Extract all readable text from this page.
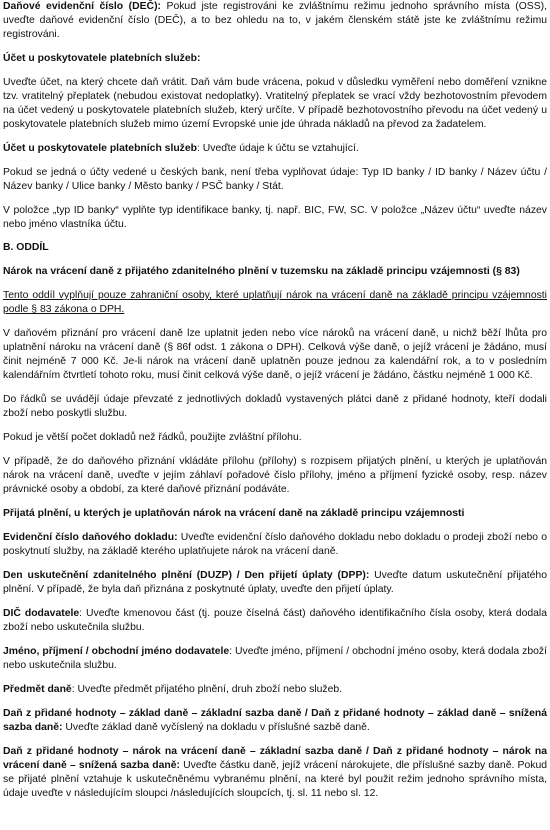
Daňové evidenční číslo (DEČ): Pokud jste registrováni ke zvláštnímu režimu jednoho správního místa (OSS), uveďte daňové evidenční číslo (DEČ), a to bez ohledu na to, v jakém členském státě jste ke zvláštnímu režimu registrováni.

Účet u poskytovatele platebních služeb:

Uveďte účet, na který chcete daň vrátit. Daň vám bude vrácena, pokud v důsledku vyměření nebo doměření vznikne tzv. vratitelný přeplatek (nebudou existovat nedoplatky). Vratitelný přeplatek se vrací vždy bezhotovostním převodem na účet vedený u poskytovatele platebních služeb, který určíte. V případě bezhotovostního převodu na účet vedený u poskytovatele platebních služeb mimo území Evropské unie jde úhrada nákladů na převod za žadatelem.

Účet u poskytovatele platebních služeb: Uveďte údaje k účtu se vztahující.

Pokud se jedná o účty vedené u českých bank, není třeba vyplňovat údaje: Typ ID banky / ID banky / Název účtu / Název banky / Ulice banky / Město banky / PSČ banky / Stát.

V položce „typ ID banky“ vyplňte typ identifikace banky, tj. např. BIC, FW, SC. V položce „Název účtu“ uveďte název nebo jméno vlastníka účtu.

B. ODDÍL

Nárok na vrácení daně z přijatého zdanitelného plnění v tuzemsku na základě principu vzájemnosti (§ 83)

Tento oddíl vyplňují pouze zahraniční osoby, které uplatňují nárok na vrácení daně na základě principu vzájemnosti podle § 83 zákona o DPH.

V daňovém přiznání pro vrácení daně lze uplatnit jeden nebo více nároků na vrácení daně, u nichž běží lhůta pro uplatnění nároku na vrácení daně (§ 86f odst. 1 zákona o DPH). Celková výše daně, o jejíž vrácení je žádáno, musí činit nejméně 7 000 Kč. Je-li nárok na vrácení daně uplatněn pouze jednou za kalendářní rok, a to v posledním kalendářním čtvrtletí tohoto roku, musí činit celková výše daně, o jejíž vrácení je žádáno, částku nejméně 1 000 Kč.

Do řádků se uvádějí údaje převzaté z jednotlivých dokladů vystavených plátci daně z přidané hodnoty, kteří dodali zboží nebo poskytli službu.

Pokud je větší počet dokladů než řádků, použijte zvláštní přílohu.

V případě, že do daňového přiznání vkládáte přílohu (přílohy) s rozpisem přijatých plnění, u kterých je uplatňován nárok na vrácení daně, uveďte v jejím záhlaví pořadové číslo přílohy, jméno a příjmení fyzické osoby, resp. název právnické osoby a období, za které daňové přiznání podáváte.

Přijatá plnění, u kterých je uplatňován nárok na vrácení daně na základě principu vzájemnosti

Evidenční číslo daňového dokladu: Uveďte evidenční číslo daňového dokladu nebo dokladu o prodeji zboží nebo o poskytnutí služby, na základě kterého uplatňujete nárok na vrácení daně.

Den uskutečnění zdanitelného plnění (DUZP) / Den přijetí úplaty (DPP): Uveďte datum uskutečnění přijatého plnění. V případě, že byla daň přiznána z poskytnuté úplaty, uveďte den přijetí úplaty.

DIČ dodavatele: Uveďte kmenovou část (tj. pouze číselná část) daňového identifikačního čísla osoby, která dodala zboží nebo uskutečnila službu.

Jméno, příjmení / obchodní jméno dodavatele: Uveďte jméno, příjmení / obchodní jméno osoby, která dodala zboží nebo uskutečnila službu.

Předmět daně: Uveďte předmět přijatého plnění, druh zboží nebo služeb.

Daň z přidané hodnoty – základ daně – základní sazba daně / Daň z přidané hodnoty – základ daně – snížená sazba daně: Uveďte základ daně vyčíslený na dokladu v příslušné sazbě daně.

Daň z přidané hodnoty – nárok na vrácení daně – základní sazba daně / Daň z přidané hodnoty – nárok na vrácení daně – snížená sazba daně: Uveďte částku daně, jejíž vrácení nárokujete, dle příslušné sazby daně. Pokud se přijaté plnění vztahuje k uskutečněnému vybranému plnění, na které byl použit režim jednoho správního místa, údaje uveďte v následujícím sloupci /následujících sloupcích, tj. sl. 11 nebo sl. 12.
